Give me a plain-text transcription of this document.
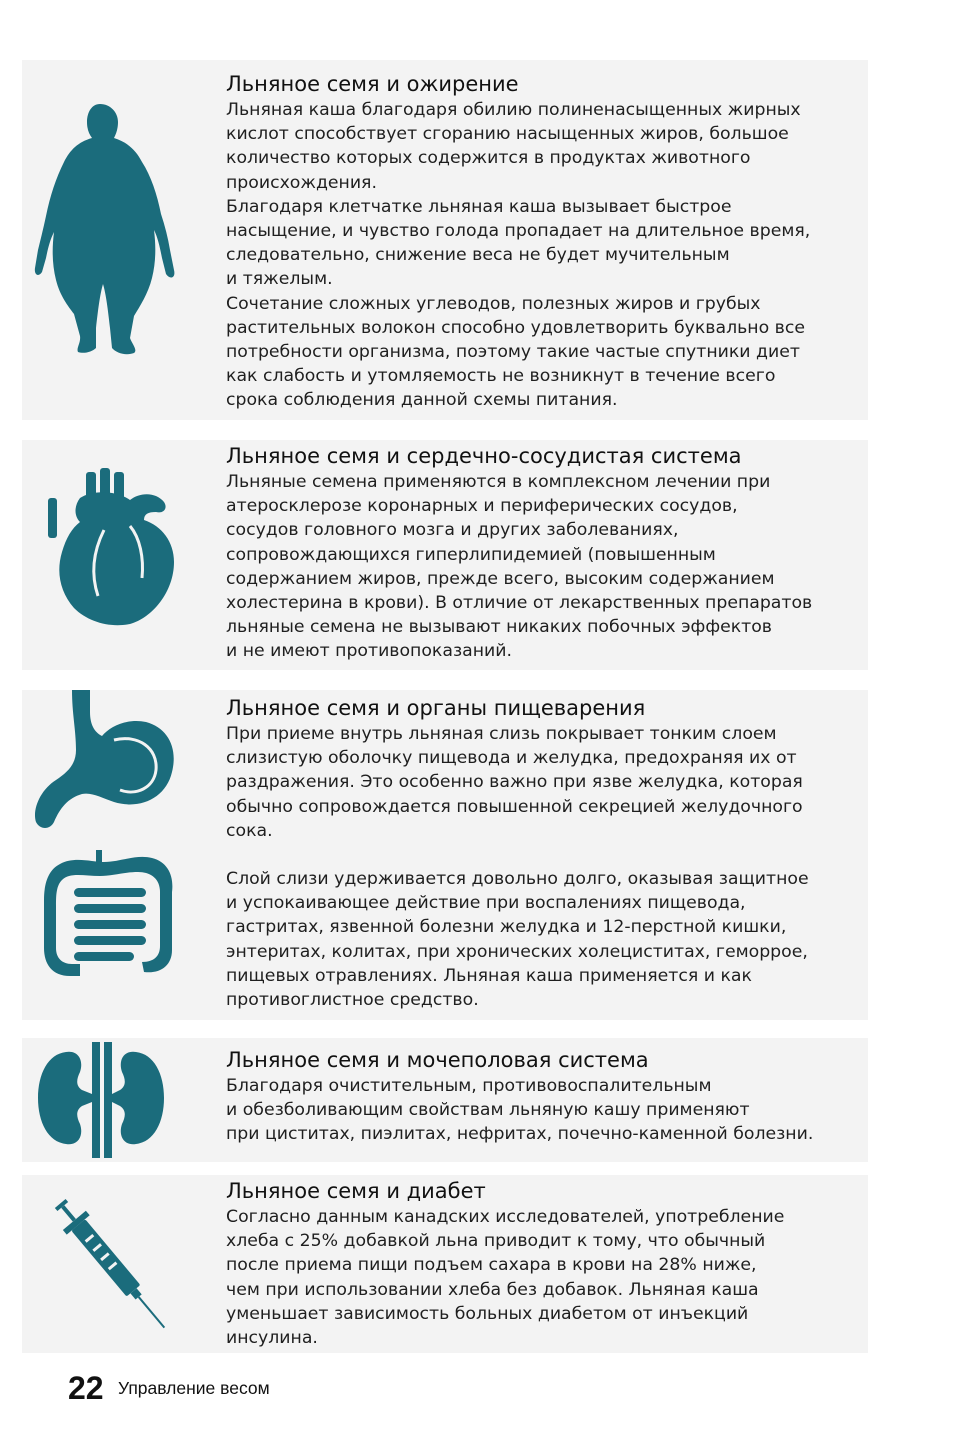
Льняное семя и ожирение

Льняная каша благодаря обилию полиненасыщенных жирных
кислот способствует сгоранию насыщенных жиров, большое
количество которых содержится в продуктах животного
происхождения.
Благодаря клетчатке льняная каша вызывает быстрое
насыщение, и чувство голода пропадает на длительное время,
следовательно, снижение веса не будет мучительным
и тяжелым.
Сочетание сложных углеводов, полезных жиров и грубых
растительных волокон способно удовлетворить буквально все
потребности организма, поэтому такие частые спутники диет
как слабость и утомляемость не возникнут в течение всего
срока соблюдения данной схемы питания.

Льняное семя и сердечно-сосудистая система

Льняные семена применяются в комплексном лечении при
атеросклерозе коронарных и периферических сосудов,
сосудов головного мозга и других заболеваниях,
сопровождающихся гиперлипидемией (повышенным
содержанием жиров, прежде всего, высоким содержанием
холестерина в крови). В отличие от лекарственных препаратов
льняные семена не вызывают никаких побочных эффектов
и не имеют противопоказаний.

Льняное семя и органы пищеварения

При приеме внутрь льняная слизь покрывает тонким слоем
слизистую оболочку пищевода и желудка, предохраняя их от
раздражения. Это особенно важно при язве желудка, которая
обычно сопровождается повышенной секрецией желудочного
сока.

Слой слизи удерживается довольно долго, оказывая защитное
и успокаивающее действие при воспалениях пищевода,
гастритах, язвенной болезни желудка и 12-перстной кишки,
энтеритах, колитах, при хронических холециститах, геморрое,
пищевых отравлениях. Льняная каша применяется и как
противоглистное средство.

Льняное семя и мочеполовая система

Благодаря очистительным, противовоспалительным
и обезболивающим свойствам льняную кашу применяют
при циститах, пиэлитах, нефритах, почечно-каменной болезни.

Льняное семя и диабет

Согласно данным канадских исследователей, употребление
хлеба с 25% добавкой льна приводит к тому, что обычный
после приема пищи подъем сахара в крови на 28% ниже,
чем при использовании хлеба без добавок. Льняная каша
уменьшает зависимость больных диабетом от инъекций
инсулина.

22 Управление весом
